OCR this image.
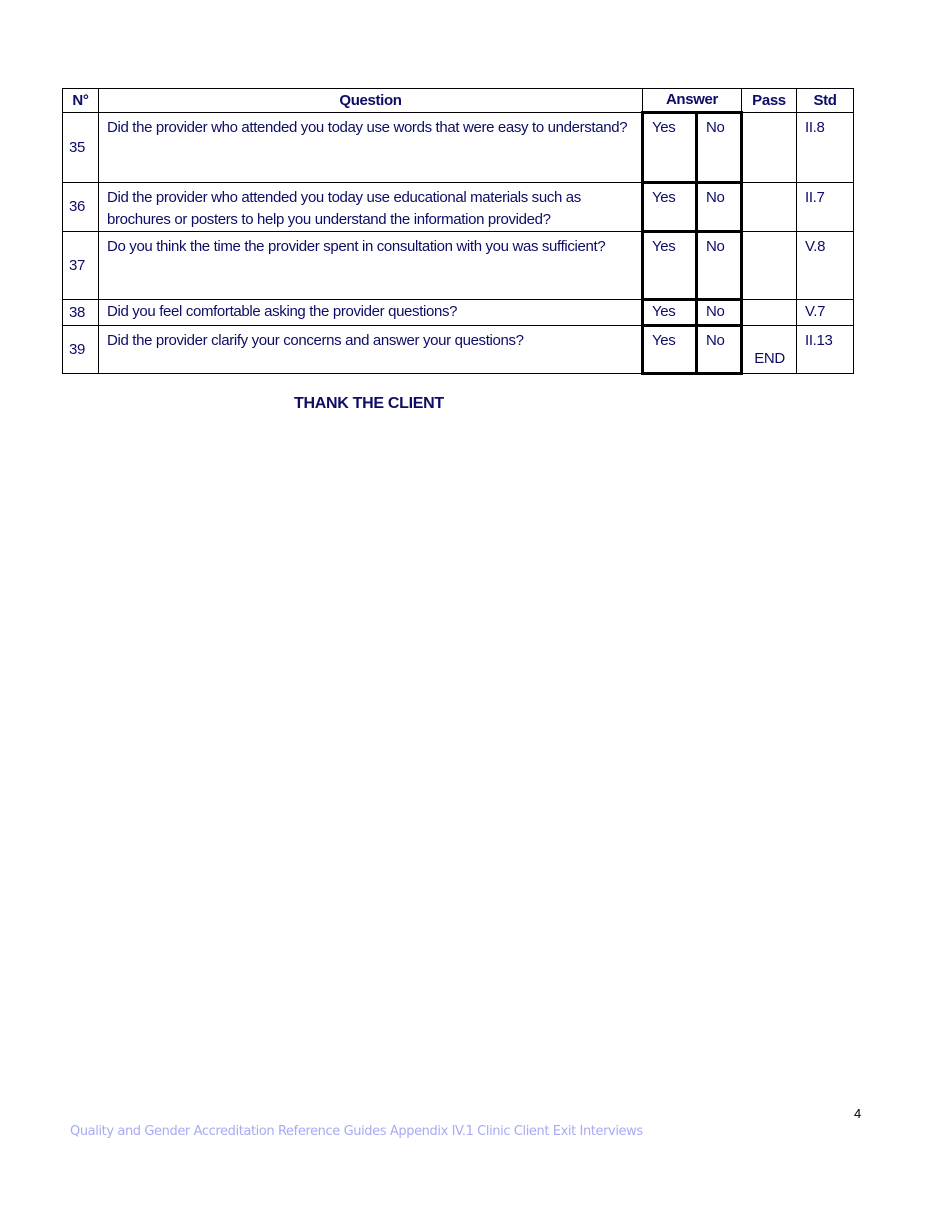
N°	Question	Answer		Pass	Std
35	Did the provider who attended you today use words that were easy to understand?	Yes	No		II.8
36	Did the provider who attended you today use educational materials such as brochures or posters to help you understand the information provided?	Yes	No		II.7
37	Do you think the time the provider spent in consultation with you was sufficient?	Yes	No		V.8
38	Did you feel comfortable asking the provider questions?	Yes	No		V.7
39	Did the provider clarify your concerns and answer your questions?	Yes	No	END	II.13
THANK THE CLIENT
4
Quality and Gender Accreditation Reference Guides Appendix IV.1 Clinic Client Exit Interviews
